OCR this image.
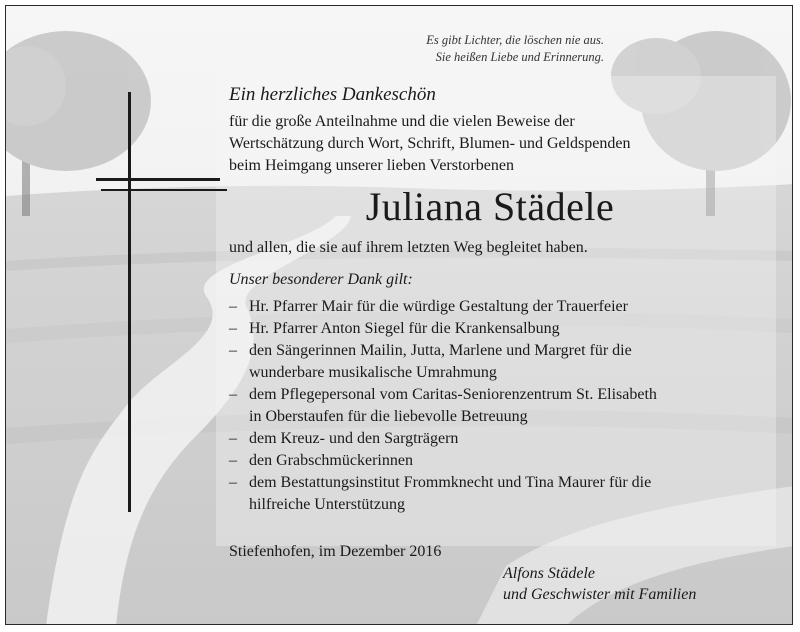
Es gibt Lichter, die löschen nie aus.
Sie heißen Liebe und Erinnerung.
Ein herzliches Dankeschön
für die große Anteilnahme und die vielen Beweise der
Wertschätzung durch Wort, Schrift, Blumen- und Geldspenden
beim Heimgang unserer lieben Verstorbenen
Juliana Städele
und allen, die sie auf ihrem letzten Weg begleitet haben.
Unser besonderer Dank gilt:
– Hr. Pfarrer Mair für die würdige Gestaltung der Trauerfeier
– Hr. Pfarrer Anton Siegel für die Krankensalbung
– den Sängerinnen Mailin, Jutta, Marlene und Margret für die
wunderbare musikalische Umrahmung
– dem Pflegepersonal vom Caritas-Seniorenzentrum St. Elisabeth
in Oberstaufen für die liebevolle Betreuung
– dem Kreuz- und den Sargträgern
– den Grabschmückerinnen
– dem Bestattungsinstitut Frommknecht und Tina Maurer für die
hilfreiche Unterstützung
Stiefenhofen, im Dezember 2016
Alfons Städele
und Geschwister mit Familien
